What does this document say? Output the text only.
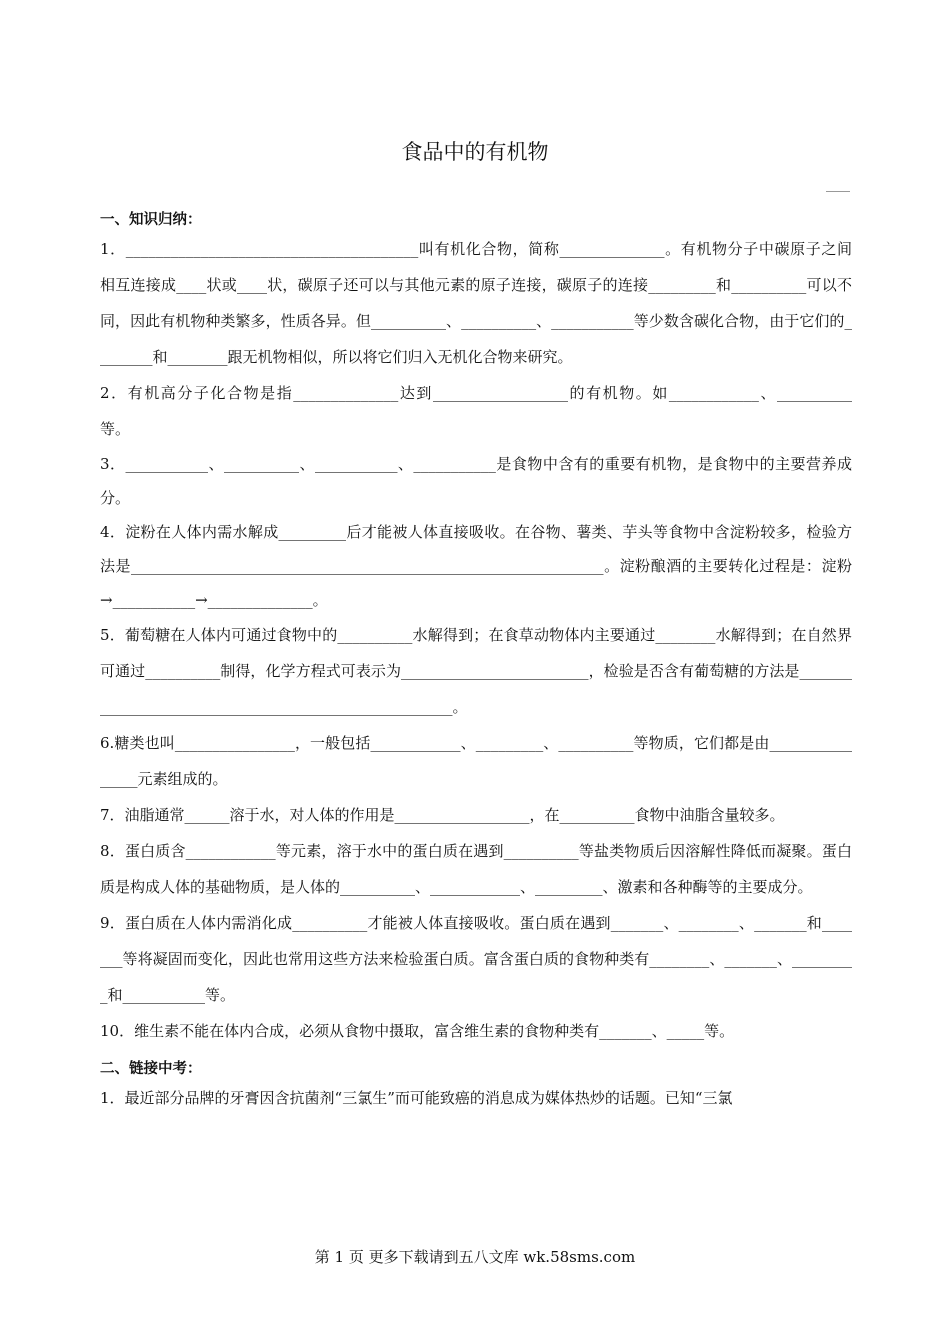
食品中的有机物
一、知识归纳：

1．_______________________________________叫有机化合物，简称______________。有机物分子中碳原子之间相互连接成____状或____状，碳原子还可以与其他元素的原子连接，碳原子的连接_________和__________可以不同，因此有机物种类繁多，性质各异。但__________、__________、___________等少数含碳化合物，由于它们的________和________跟无机物相似，所以将它们归入无机化合物来研究。

2．有机高分子化合物是指______________达到__________________的有机物。如____________、__________　等。

3．___________、__________、___________、___________是食物中含有的重要有机物，是食物中的主要营养成分。

4．淀粉在人体内需水解成_________后才能被人体直接吸收。在谷物、薯类、芋头等食物中含淀粉较多，检验方法是_______________________________________________________________。淀粉酿酒的主要转化过程是：淀粉→___________→______________。

5．葡萄糖在人体内可通过食物中的__________水解得到；在食草动物体内主要通过________水解得到；在自然界可通过__________制得，化学方程式可表示为_________________________，检验是否含有葡萄糖的方法是______________________________________________________。

6.糖类也叫________________，一般包括____________、_________、__________等物质，它们都是由________________元素组成的。

7．油脂通常______溶于水，对人体的作用是__________________，在__________食物中油脂含量较多。

8．蛋白质含____________等元素，溶于水中的蛋白质在遇到__________等盐类物质后因溶解性降低而凝聚。蛋白质是构成人体的基础物质，是人体的__________、____________、_________、激素和各种酶等的主要成分。

9．蛋白质在人体内需消化成__________才能被人体直接吸收。蛋白质在遇到_______、________、_______和_______等将凝固而变化，因此也常用这些方法来检验蛋白质。富含蛋白质的食物种类有________、_______、_________和___________等。

10．维生素不能在体内合成，必须从食物中摄取，富含维生素的食物种类有_______、_____等。

二、链接中考：

1．最近部分品牌的牙膏因含抗菌剂“三氯生”而可能致癌的消息成为媒体热炒的话题。已知“三氯

第 1 页 更多下载请到五八文库 wk.58sms.com
